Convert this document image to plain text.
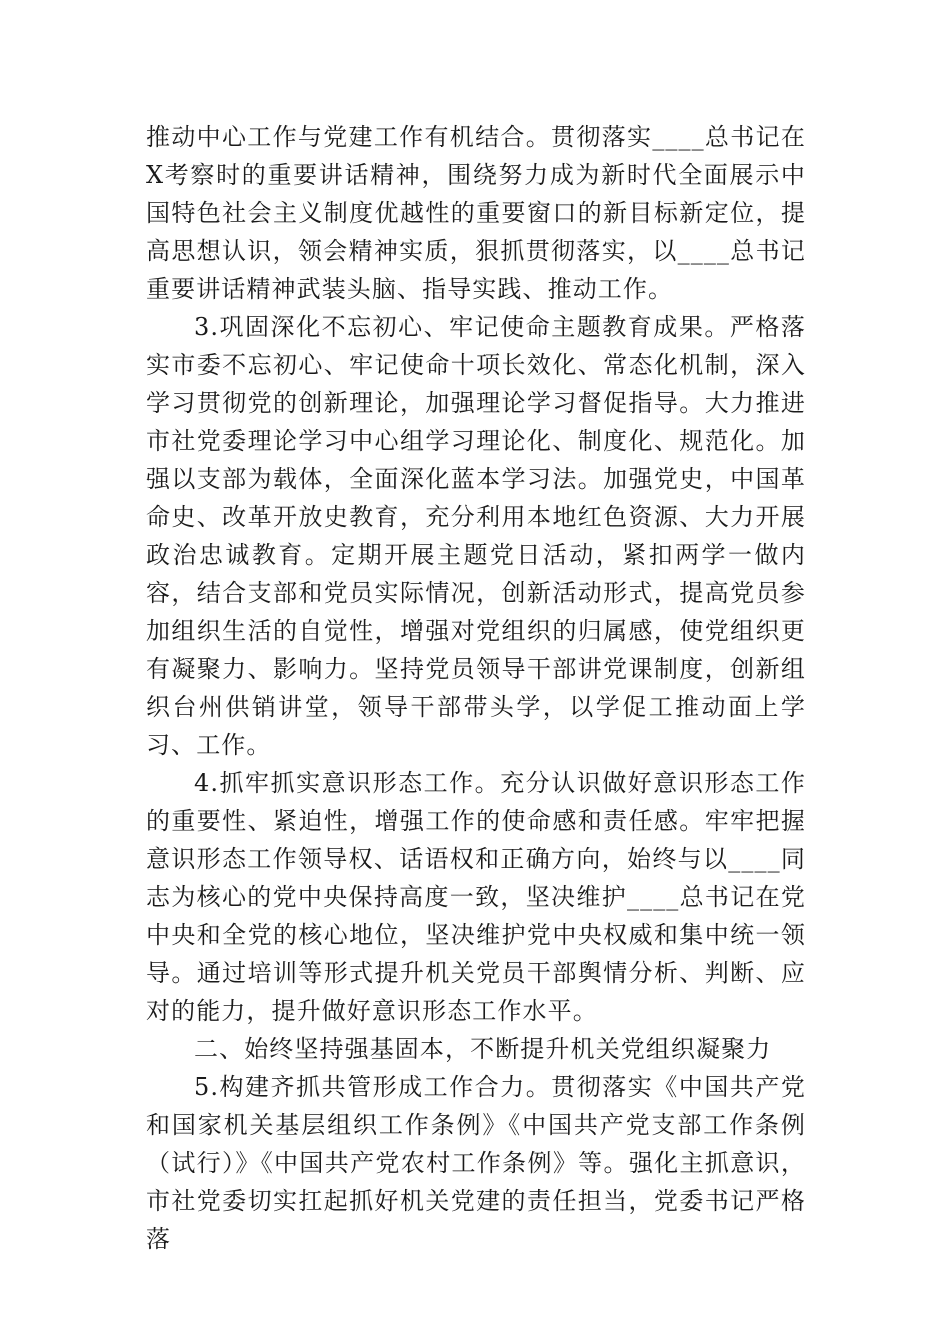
推动中心工作与党建工作有机结合。贯彻落实____总书记在X考察时的重要讲话精神，围绕努力成为新时代全面展示中国特色社会主义制度优越性的重要窗口的新目标新定位，提高思想认识，领会精神实质，狠抓贯彻落实，以____总书记重要讲话精神武装头脑、指导实践、推动工作。

3.巩固深化不忘初心、牢记使命主题教育成果。严格落实市委不忘初心、牢记使命十项长效化、常态化机制，深入学习贯彻党的创新理论，加强理论学习督促指导。大力推进市社党委理论学习中心组学习理论化、制度化、规范化。加强以支部为载体，全面深化蓝本学习法。加强党史，中国革命史、改革开放史教育，充分利用本地红色资源、大力开展政治忠诚教育。定期开展主题党日活动，紧扣两学一做内容，结合支部和党员实际情况，创新活动形式，提高党员参加组织生活的自觉性，增强对党组织的归属感，使党组织更有凝聚力、影响力。坚持党员领导干部讲党课制度，创新组织台州供销讲堂，领导干部带头学，以学促工推动面上学习、工作。

4.抓牢抓实意识形态工作。充分认识做好意识形态工作的重要性、紧迫性，增强工作的使命感和责任感。牢牢把握意识形态工作领导权、话语权和正确方向，始终与以____同志为核心的党中央保持高度一致，坚决维护____总书记在党中央和全党的核心地位，坚决维护党中央权威和集中统一领导。通过培训等形式提升机关党员干部舆情分析、判断、应对的能力，提升做好意识形态工作水平。

二、始终坚持强基固本，不断提升机关党组织凝聚力

5.构建齐抓共管形成工作合力。贯彻落实《中国共产党和国家机关基层组织工作条例》《中国共产党支部工作条例（试行）》《中国共产党农村工作条例》等。强化主抓意识，市社党委切实扛起抓好机关党建的责任担当，党委书记严格落
